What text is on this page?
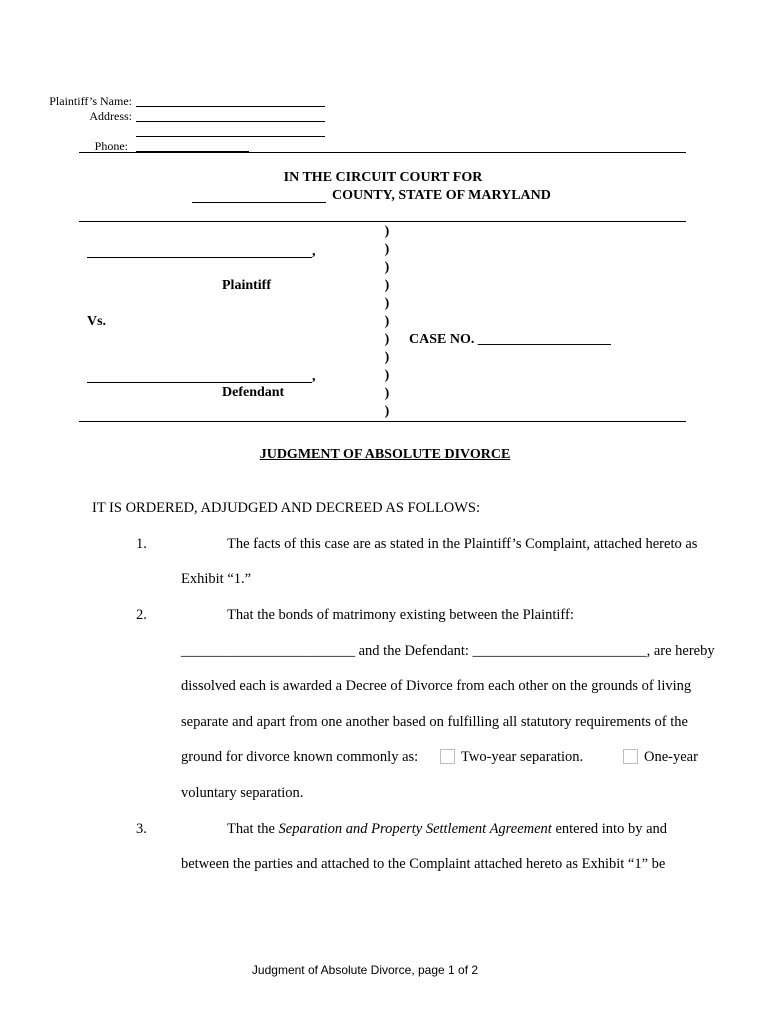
Plaintiff’s Name:
Address:
Phone:
IN THE CIRCUIT COURT FOR
COUNTY, STATE OF MARYLAND
,
Plaintiff
Vs.
,
Defendant
)
)
)
)
)
)
)
)
)
)
)
CASE NO. ___________________
JUDGMENT OF ABSOLUTE DIVORCE
IT IS ORDERED, ADJUDGED AND DECREED AS FOLLOWS:
1.	The facts of this case are as stated in the Plaintiff’s Complaint, attached hereto as
Exhibit “1.”
2.	That the bonds of matrimony existing between the Plaintiff:
________________________ and the Defendant: ________________________, are hereby
dissolved each is awarded a Decree of Divorce from each other on the grounds of living
separate and apart from one another based on fulfilling all statutory requirements of the
ground for divorce known commonly as:	Two-year separation.	One-year
voluntary separation.
3.	That the Separation and Property Settlement Agreement entered into by and
between the parties and attached to the Complaint attached hereto as Exhibit “1” be
Judgment of Absolute Divorce, page 1 of 2
